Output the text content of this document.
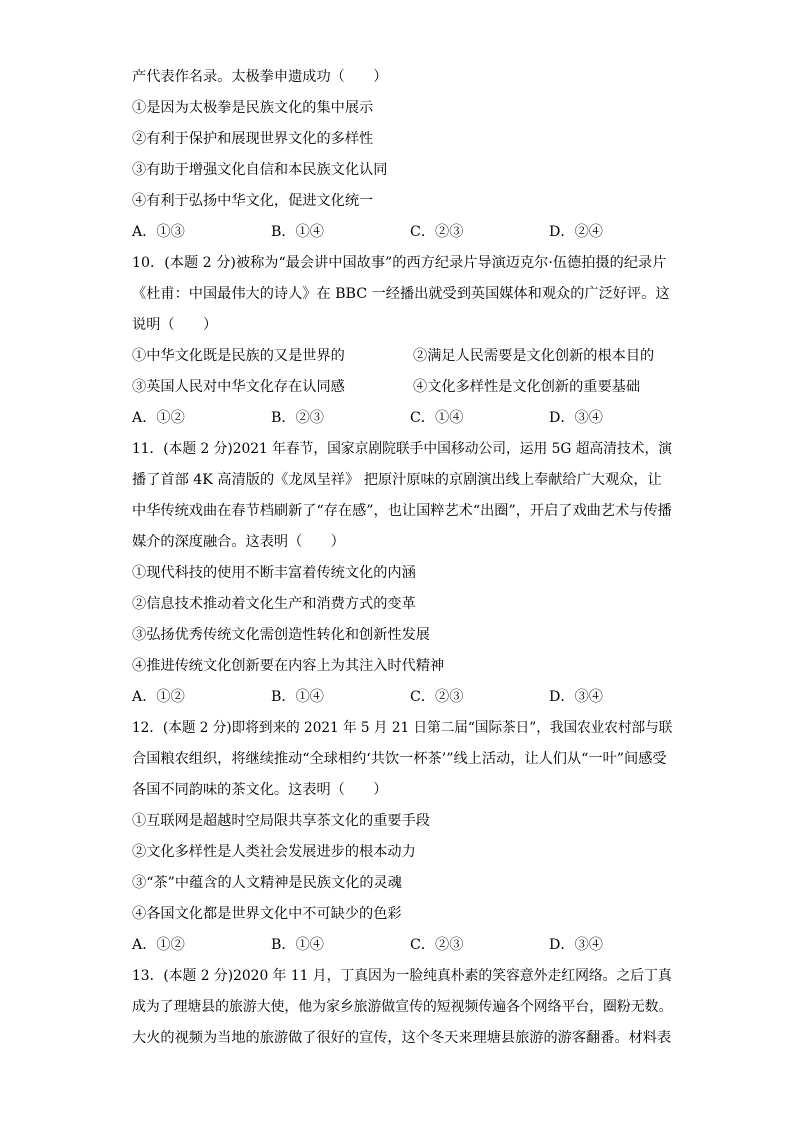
产代表作名录。太极拳申遗成功（　　）
①是因为太极拳是民族文化的集中展示
②有利于保护和展现世界文化的多样性
③有助于增强文化自信和本民族文化认同
④有利于弘扬中华文化，促进文化统一
A．①③	B．①④	C．②③	D．②④
10．(本题 2 分)被称为“最会讲中国故事”的西方纪录片导演迈克尔·伍德拍摄的纪录片
《杜甫：中国最伟大的诗人》在 BBC 一经播出就受到英国媒体和观众的广泛好评。这
说明（　　）
①中华文化既是民族的又是世界的	②满足人民需要是文化创新的根本目的
③英国人民对中华文化存在认同感	④文化多样性是文化创新的重要基础
A．①②	B．②③	C．①④	D．③④
11．(本题 2 分)2021 年春节，国家京剧院联手中国移动公司，运用 5G 超高清技术，演
播了首部 4K 高清版的《龙凤呈祥》 把原汁原味的京剧演出线上奉献给广大观众，让
中华传统戏曲在春节档刷新了“存在感”，也让国粹艺术“出圈”，开启了戏曲艺术与传播
媒介的深度融合。这表明（　　）
①现代科技的使用不断丰富着传统文化的内涵
②信息技术推动着文化生产和消费方式的变革
③弘扬优秀传统文化需创造性转化和创新性发展
④推进传统文化创新要在内容上为其注入时代精神
A．①②	B．①④	C．②③	D．③④
12．(本题 2 分)即将到来的 2021 年 5 月 21 日第二届“国际茶日”，我国农业农村部与联
合国粮农组织，将继续推动“全球相约‘共饮一杯茶’”线上活动，让人们从“一叶”间感受
各国不同韵味的茶文化。这表明（　　）
①互联网是超越时空局限共享茶文化的重要手段
②文化多样性是人类社会发展进步的根本动力
③“茶”中蕴含的人文精神是民族文化的灵魂
④各国文化都是世界文化中不可缺少的色彩
A．①②	B．①④	C．②③	D．③④
13．(本题 2 分)2020 年 11 月，丁真因为一脸纯真朴素的笑容意外走红网络。之后丁真
成为了理塘县的旅游大使，他为家乡旅游做宣传的短视频传遍各个网络平台，圈粉无数。
大火的视频为当地的旅游做了很好的宣传，这个冬天来理塘县旅游的游客翻番。材料表
